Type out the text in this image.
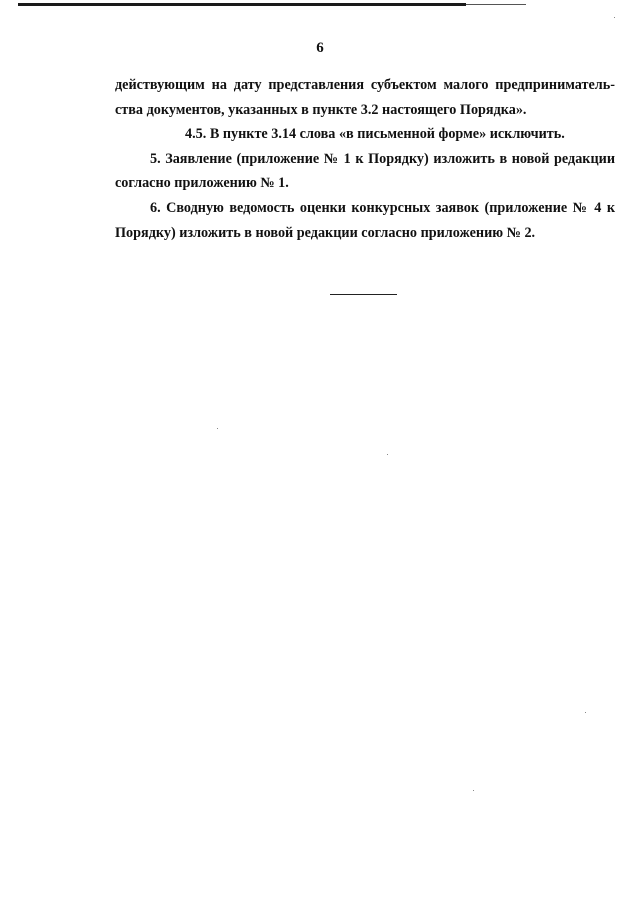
6

действующим на дату представления субъектом малого предприниматель-
ства документов, указанных в пункте 3.2 настоящего Порядка».

4.5. В пункте 3.14 слова «в письменной форме» исключить.

5. Заявление (приложение № 1 к Порядку) изложить в новой редакции
согласно приложению № 1.

6. Сводную ведомость оценки конкурсных заявок (приложение № 4 к
Порядку) изложить в новой редакции согласно приложению № 2.
